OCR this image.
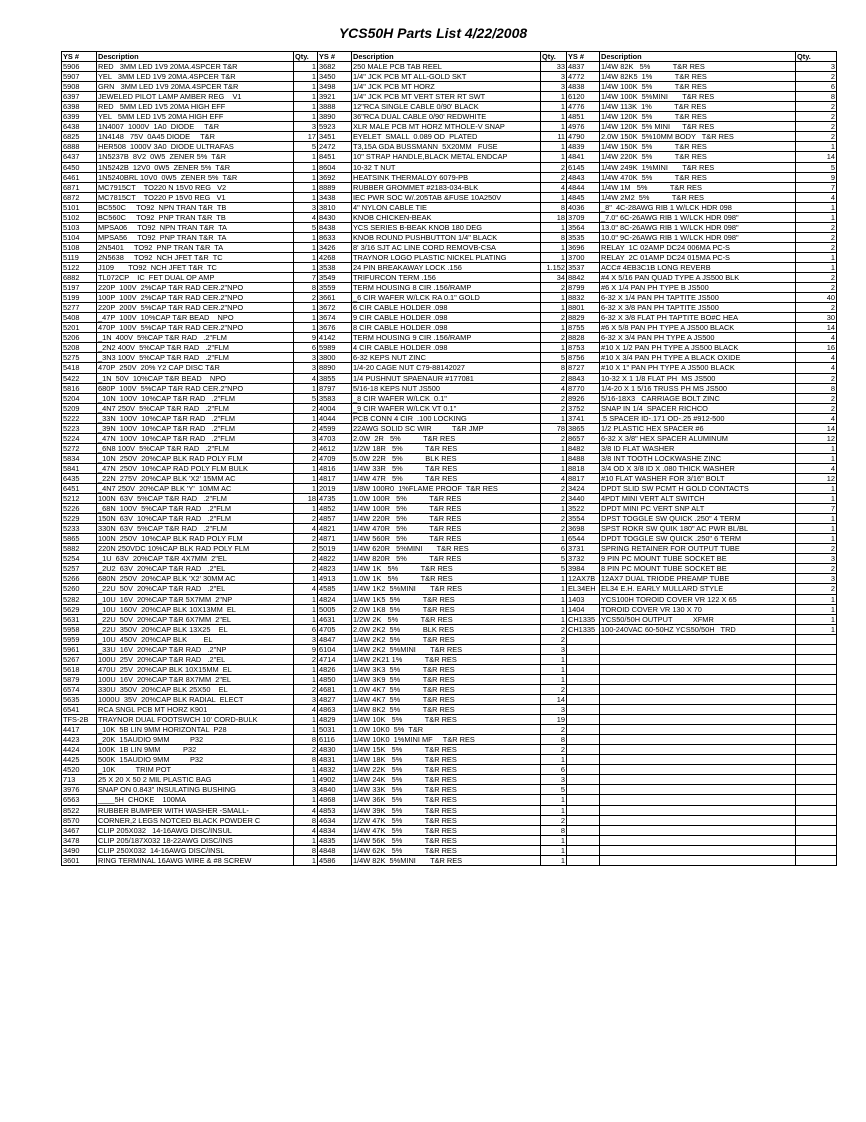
YCS50H Parts List 4/22/2008
YS #	Description	Qty.	YS #	Description	Qty.	YS #	Description	Qty.
5906	RED   3MM LED 1V9 20MA.4SPCER T&R	1	3682	250 MALE PCB TAB REEL	33	4837	1/4W 82K   5%           T&R RES	3
5907	YEL   3MM LED 1V9 20MA.4SPCER T&R	1	3450	1/4" JCK PCB MT ALL-GOLD SKT	3	4772	1/4W 82K5  1%           T&R RES	2
5908	GRN   3MM LED 1V9 20MA.4SPCER T&R	1	3498	1/4" JCK PCB MT HORZ	3	4838	1/4W 100K  5%           T&R RES	6
6397	JEWELED PILOT LAMP AMBER REG    V1	1	3921	1/4" JCK PCB MT VERT STER RT SWT	1	6120	1/4W 100K  5%MINI       T&R RES	8
6398	RED   5MM LED 1V5 20MA HIGH EFF	1	3888	12"RCA SINGLE CABLE 0/90' BLACK	1	4776	1/4W 113K  1%           T&R RES	2
6399	YEL   5MM LED 1V5 20MA HIGH EFF	1	3890	36"RCA DUAL CABLE 0/90' REDWHITE	1	4851	1/4W 120K  5%           T&R RES	2
6438	1N4007  1000V  1A0  DIODE     T&R	3	5923	XLR MALE PCB MT HORZ MTHOLE-V SNAP	1	4976	1/4W 120K  5% MINI      T&R RES	2
6825	1N4148   75V  0A45 DIODE     T&R	17	3451	EYELET  SMALL  0.089 OD  PLATED	11	4790	2.0W 150K  5%10MM BODY   T&R RES	2
6888	HER508  1000V 3A0  DIODE ULTRAFAS	5	2472	T3,15A GDA BUSSMANN  5X20MM   FUSE	1	4839	1/4W 150K  5%           T&R RES	1
6437	1N5237B  8V2  0W5  ZENER 5%  T&R	1	8451	10" STRAP HANDLE,BLACK METAL ENDCAP	1	4841	1/4W 220K  5%           T&R RES	14
6450	1N5242B  12V0  0W5  ZENER 5%  T&R	1	8604	10-32 T NUT	2	6145	1/4W 249K  1%MINI       T&R RES	5
6461	1N5240BRL 10V0  0W5  ZENER 5%  T&R	1	3692	HEATSINK THERMALOY 6079-PB	2	4843	1/4W 470K  5%           T&R RES	9
6871	MC7915CT    TO220 N 15V0 REG   V2	1	8889	RUBBER GROMMET #2183-034-BLK	4	4844	1/4W 1M   5%           T&R RES	7
6872	MC7815CT    TO220 P 15V0 REG   V1	1	3438	IEC PWR SOC W/.205TAB &FUSE 10A250V	1	4845	1/4W 2M2  5%           T&R RES	4
5101	BC550C     TO92  NPN TRAN T&R  TB	3	3810	4" NYLON CABLE TIE	8	4036	_8"  4C-28AWG RIB 1 W/LCK HDR 098	1
5102	BC560C     TO92  PNP TRAN T&R  TB	4	8430	KNOB CHICKEN-BEAK	18	3709	_7.0" 6C-26AWG RIB 1 W/LCK HDR 098"	1
5103	MPSA06     TO92  NPN TRAN T&R  TA	5	8438	YCS SERIES B-BEAK KNOB 180 DEG	1	3564	13.0" 8C-26AWG RIB 1 W/LCK HDR 098"	2
5104	MPSA56     TO92  PNP TRAN T&R  TA	1	8633	KNOB ROUND PUSHBUTTON 1/4" BLACK	8	3535	10.0" 9C-26AWG RIB 1 W/LCK HDR 098"	2
5108	2N5401     TO92  PNP TRAN T&R  TA	1	3426	8' 3/16 SJT AC LINE CORD REMOVB-CSA	1	3696	RELAY  1C 02AMP DC24 006MA PC-S	2
5119	2N5638     TO92  NCH JFET T&R  TC	1	4268	TRAYNOR LOGO PLASTIC NICKEL PLATING	1	3700	RELAY  2C 01AMP DC24 015MA PC-S	1
5122	J109       TO92  NCH JFET T&R  TC	1	3538	24 PIN BREAKAWAY LOCK .156	1.152	3537	ACC# 4EB3C1B LONG REVERB	1
6882	TL072CP    IC  FET DUAL OP AMP	7	3549	TRIFURCON TERM .156	34	8842	#4 X 5/16 PAN QUAD TYPE A JS500 BLK	2
5197	220P  100V  2%CAP T&R RAD CER.2"NPO	8	3559	TERM HOUSING 8 CIR .156/RAMP	2	8799	#6 X 1/4 PAN PH TYPE B JS500	2
5199	100P  100V  2%CAP T&R RAD CER.2"NPO	2	3661	_6 CIR WAFER W/LCK RA 0.1" GOLD	1	8832	6-32 X 1/4 PAN PH TAPTITE JS500	40
5277	220P  200V  5%CAP T&R RAD CER.2"NPO	1	3672	6 CIR CABLE HOLDER .098	1	8801	6-32 X 3/8 PAN PH TAPTITE JS500	2
5408	_47P  100V  10%CAP T&R BEAD    NPO	1	3674	9 CIR CABLE HOLDER .098	2	8829	6-32 X 3/8 FLAT PH TAPTITE BO#C HEA	30
5201	470P  100V  5%CAP T&R RAD CER.2"NPO	1	3676	8 CIR CABLE HOLDER .098	1	8755	#6 X 5/8 PAN PH TYPE A JS500 BLACK	14
5206	_1N  400V  5%CAP T&R RAD   .2"FLM	9	4142	TERM HOUSING 9 CIR .156/RAMP	2	8828	6-32 X 3/4 PAN PH TYPE A JS500	4
5208	_2N2 400V  5%CAP T&R RAD   .2"FLM	6	5989	4 CIR CABLE HOLDER .098	1	8753	#10 X 1/2 PAN PH TYPE A JS500 BLACK	16
5275	_3N3 100V  5%CAP T&R RAD   .2"FLM	3	3800	6-32 KEPS NUT ZINC	5	8756	#10 X 3/4 PAN PH TYPE A BLACK OXIDE	4
5418	470P  250V  20% Y2 CAP DISC T&R	3	8890	1/4-20 CAGE NUT C79-88142027	8	8727	#10 X 1" PAN PH TYPE A JS500 BLACK	4
5422	_1N  50V  10%CAP T&R BEAD    NPO	4	3855	1/4 PUSHNUT SPAENAUR #177081	2	8843	10-32 X 1 1/8 FLAT PH  MS JS500	2
5816	680P  100V  5%CAP T&R RAD CER.2"NPO	1	8797	5/16-18 KEPS NUT JS500	4	8770	1/4-20 X 1 5/16 TRUSS PH MS JS500	8
5204	_10N  100V  10%CAP T&R RAD   .2"FLM	5	3583	_8 CIR WAFER W/LCK  0.1"	2	8926	5/16-18X3   CARRIAGE BOLT ZINC	2
5209	_4N7 250V  5%CAP T&R RAD   .2"FLM	2	4004	_9 CIR WAFER W/LCK VT 0.1"	2	3752	SNAP IN 1/4  SPACER RICHCO	2
5222	_33N  100V  10%CAP T&R RAD   .2"FLM	1	4044	PCB CONN 4 CIR  .100 LOCKING	1	3741	.5 SPACER ID-.171 OD-.25 #912-500	4
5223	_39N  100V  10%CAP T&R RAD   .2"FLM	2	4599	22AWG SOLID SC WIR          T&R JMP	78	3865	1/2 PLASTIC HEX SPACER #6	14
5224	_47N  100V  10%CAP T&R RAD   .2"FLM	3	4703	2.0W  2R   5%           T&R RES	2	8657	6-32 X 3/8" HEX SPACER ALUMINUM	12
5272	_6N8 100V  5%CAP T&R RAD   .2"FLM	2	4612	1/2W 18R   5%           T&R RES	1	8482	3/8 ID FLAT WASHER	1
5834	_10N  250V  20%CAP BLK RAD POLY FLM	2	4709	5.0W 22R   5%           BLK RES	1	8488	3/8 INT TOOTH LOCKWASHE ZINC	1
5841	_47N  250V  10%CAP RAD POLY FLM BULK	1	4816	1/4W 33R   5%           T&R RES	1	8818	3/4 OD X 3/8 ID X .080 THICK WASHER	4
6435	_22N  275V  20%CAP BLK 'X2' 15MM AC	1	4817	1/4W 47R   5%           T&R RES	4	8817	#10 FLAT WASHER FOR 3/16" BOLT	12
6451	_4N7 250V  20%CAP BLK 'Y'  10MM AC	1	2019	1/8W 100R0  1%FLAME PROOF  T&R RES	2	3424	DPDT SLID SW PCMT H GOLD CONTACTS	1
5212	100N  63V  5%CAP T&R RAD   .2"FLM	18	4735	1.0W 100R   5%           T&R RES	2	3440	4PDT MINI VERT ALT SWITCH	1
5226	_68N  100V  5%CAP T&R RAD   .2"FLM	1	4852	1/4W 100R   5%           T&R RES	1	3522	DPDT MINI PC VERT SNP ALT	7
5229	150N  63V  10%CAP T&R RAD   .2"FLM	2	4857	1/4W 220R   5%           T&R RES	2	3554	DPST TOGGLE SW QUICK .250" 4 TERM	1
5233	330N  63V  5%CAP T&R RAD   .2"FLM	4	4821	1/4W 470R   5%           T&R RES	2	3698	SPST ROKR SW QUIK 180" AC PWR BL/BL	1
5865	100N  250V  10%CAP BLK RAD POLY FLM	2	4871	1/4W 560R   5%           T&R RES	1	6544	DPDT TOGGLE SW QUICK .250" 6 TERM	1
5882	220N 250VDC 10%CAP BLK RAD POLY FLM	2	5019	1/4W 620R   5%MINI       T&R RES	6	3731	SPRING RETAINER FOR OUTPUT TUBE	2
5254	_1U  63V  20%CAP T&R 4X7MM  2"EL	2	4822	1/4W 820R   5%           T&R RES	5	3732	9 PIN PC MOUNT TUBE SOCKET BE	3
5257	_2U2  63V  20%CAP T&R RAD   .2"EL	2	4823	1/4W 1K   5%           T&R RES	5	3984	8 PIN PC MOUNT TUBE SOCKET BE	2
5266	680N  250V  20%CAP BLK 'X2' 30MM AC	1	4913	1.0W 1K   5%           T&R RES	1	12AX7B	12AX7 DUAL TRIODE PREAMP TUBE	3
5260	_22U  50V  20%CAP T&R RAD   .2"EL	4	4585	1/4W 1K2  5%MINI       T&R RES	1	EL34EH	EL34 E.H. EARLY MULLARD STYLE	2
5282	_10U  16V  20%CAP T&R 5X7MM  2"NP	1	4824	1/4W 1K5  5%           T&R RES	1	1403	YCS100H TOROID COVER VR 122 X 65	1
5629	_10U  160V  20%CAP BLK 10X13MM  EL	1	5005	2.0W 1K8  5%           T&R RES	1	1404	TOROID COVER VR 130 X 70	1
5631	_22U  50V  20%CAP T&R 6X7MM  2"EL	1	4631	1/2W 2K   5%           T&R RES	1	CH1335	YCS50/50H OUTPUT          XFMR	1
5958	_22U  350V  20%CAP BLK 13X25    EL	6	4705	2.0W 2K2  5%           BLK RES	2	CH1335	100-240VAC 60-50HZ YCS50/50H   TRD	1
5959	_10U  450V  20%CAP BLK        EL	3	4847	1/4W 2K2  5%           T&R RES	2			
5961	_33U  16V  20%CAP T&R RAD   .2"NP	9	6104	1/4W 2K2  5%MINI       T&R RES	3			
5267	100U  25V  20%CAP T&R RAD   .2"EL	2	4714	1/4W 2K21 1%           T&R RES	1			
5618	470U  25V  20%CAP BLK 10X15MM  EL	1	4826	1/4W 3K3  5%           T&R RES	1			
5879	100U  16V  20%CAP T&R 8X7MM  2"EL	1	4850	1/4W 3K9  5%           T&R RES	1			
6574	330U  350V  20%CAP BLK 25X50    EL	2	4681	1.0W 4K7  5%           T&R RES	2			
5635	1000U  35V  20%CAP BLK RADIAL  ELECT	3	4827	1/4W 4K7  5%           T&R RES	14			
6541	RCA SNGL PCB MT HORZ K901	4	4863	1/4W 8K2  5%           T&R RES	3			
TFS-2B	TRAYNOR DUAL FOOTSWCH 10' CORD-BULK	1	4829	1/4W 10K   5%           T&R RES	19			
4417	_10K  5B LIN 9MM HORIZONTAL  P28	1	5031	1.0W 10K0  5%  T&R	2			
4423	_20K  15AUDIO 9MM          P32	8	6116	1/4W 10K0  1%MINI MF     T&R RES	8			
4424	100K  1B LIN 9MM           P32	2	4830	1/4W 15K   5%           T&R RES	2			
4425	500K  15AUDIO 9MM          P32	8	4831	1/4W 18K   5%           T&R RES	1			
4520	_10K          TRIM POT	1	4832	1/4W 22K   5%           T&R RES	6			
713	25 X 20 X 50 2 MIL PLASTIC BAG	1	4902	1/4W 24K   5%           T&R RES	3			
3976	SNAP ON 0.843" INSULATING BUSHING	3	4840	1/4W 33K   5%           T&R RES	5			
6563	____5H  CHOKE    100MA	1	4868	1/4W 36K   5%           T&R RES	1			
8522	RUBBER BUMPER WITH WASHER -SMALL-	4	4853	1/4W 39K   5%           T&R RES	1			
8570	CORNER,2 LEGS NOTCED BLACK POWDER C	8	4634	1/2W 47K   5%           T&R RES	2			
3467	CLIP 205X032   14-16AWG DISC/INSUL	4	4834	1/4W 47K   5%           T&R RES	8			
3478	CLIP 205/187X032 18-22AWG DISC/INS	1	4835	1/4W 56K   5%           T&R RES	1			
3490	CLIP 250X032  14-16AWG DISC/INSL	8	4848	1/4W 62K   5%           T&R RES	1			
3601	RING TERMINAL 16AWG WIRE & #8 SCREW	1	4586	1/4W 82K  5%MINI       T&R RES	1			
